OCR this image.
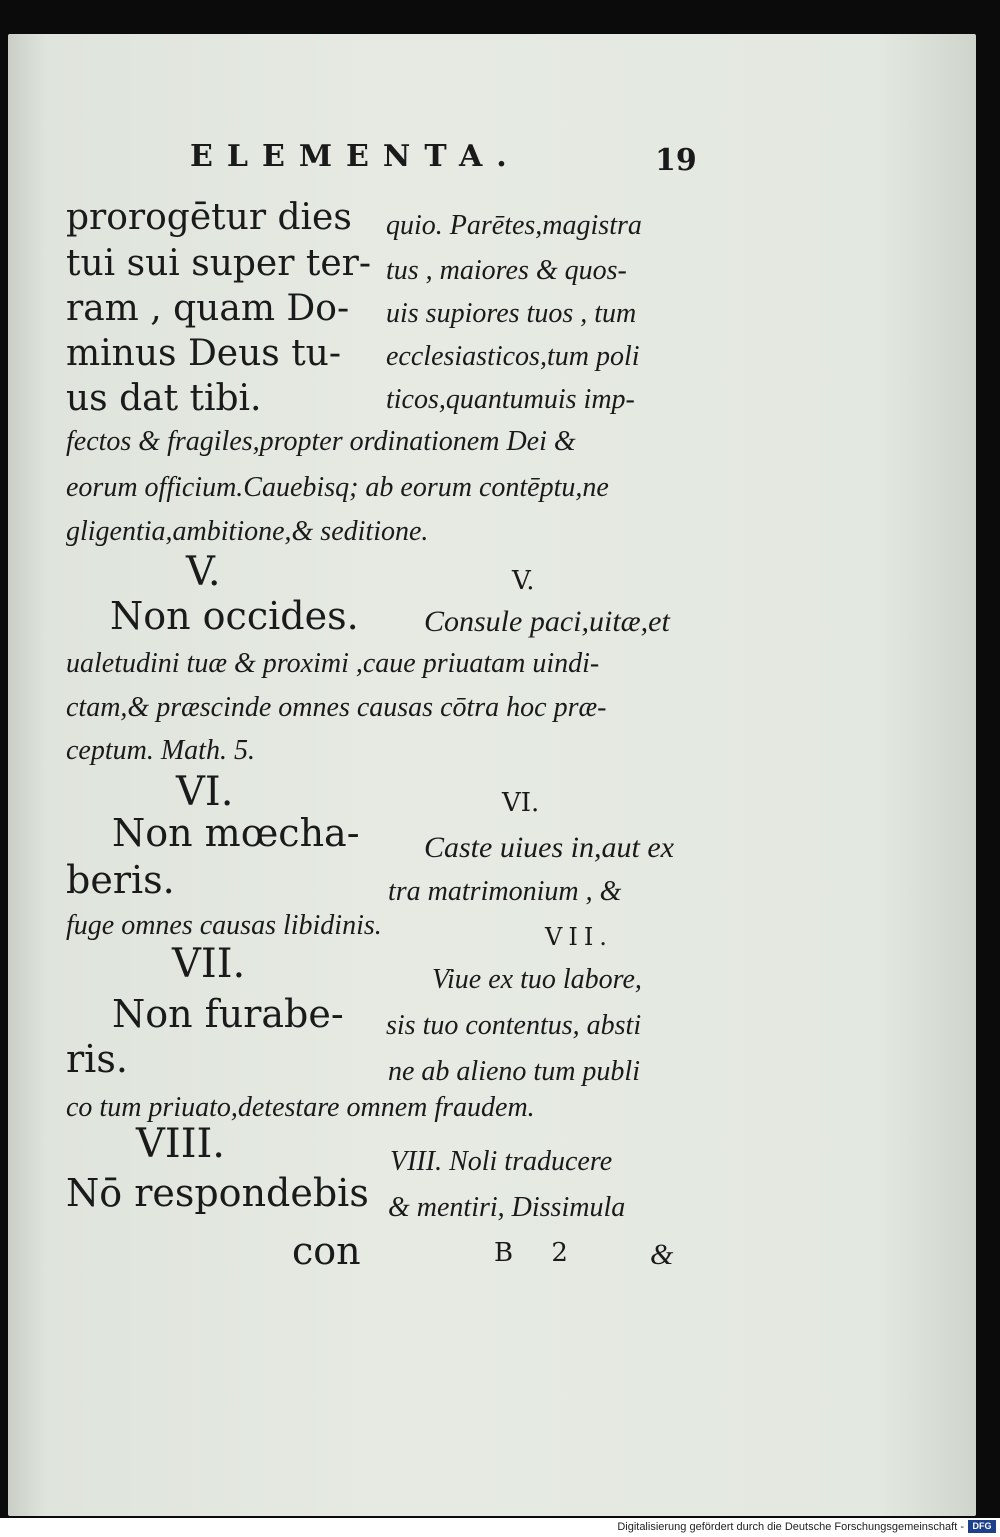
ELEMENTA.	19
prorogētur dies
tui sui super ter-
ram , quam Do-
minus Deus tu-
us dat tibi.
quio. Parētes,magistra
tus , maiores & quos-
uis supiores tuos , tum
ecclesiasticos,tum poli
ticos,quantumuis imp-
fectos & fragiles,propter ordinationem Dei &
eorum officium.Cauebisq; ab eorum contēptu,ne
gligentia,ambitione,& seditione.
V.	V.
Non occides. Consule paci,uitæ,et
ualetudini tuæ & proximi ,caue priuatam uindi-
ctam,& præscinde omnes causas cōtra hoc præ-
ceptum. Math. 5.
VI.	VI.
Non mœcha- Caste uiues in,aut ex
beris.	tra matrimonium , &
fuge omnes causas libidinis.	VII.
VII.	Viue ex tuo labore,
Non furabe- sis tuo contentus, absti
ris.	ne ab alieno tum publi
co tum priuato,detestare omnem fraudem.
VIII.	VIII. Noli traducere
Nō respondebis & mentiri, Dissimula
con	B 2	&
Digitalisierung gefördert durch die Deutsche Forschungsgemeinschaft - DFG
